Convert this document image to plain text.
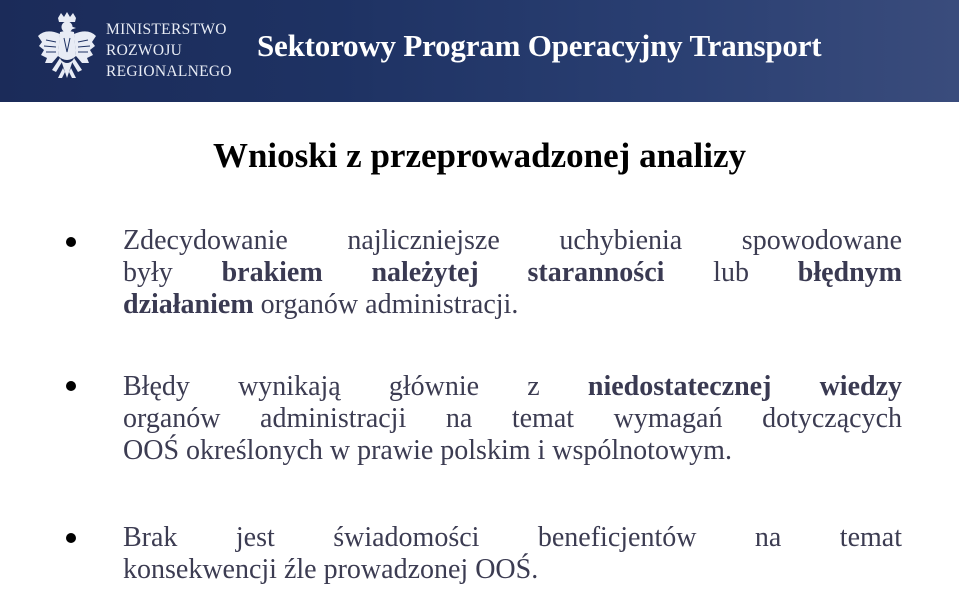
MINISTERSTWO
ROZWOJU
REGIONALNEGO
Sektorowy Program Operacyjny Transport
Wnioski z przeprowadzonej analizy
Zdecydowanie najliczniejsze uchybienia spowodowane
były brakiem należytej staranności lub błędnym
działaniem organów administracji.
Błędy wynikają głównie z niedostatecznej wiedzy
organów administracji na temat wymagań dotyczących
OOŚ określonych w prawie polskim i wspólnotowym.
Brak jest świadomości beneficjentów na temat
konsekwencji źle prowadzonej OOŚ.
